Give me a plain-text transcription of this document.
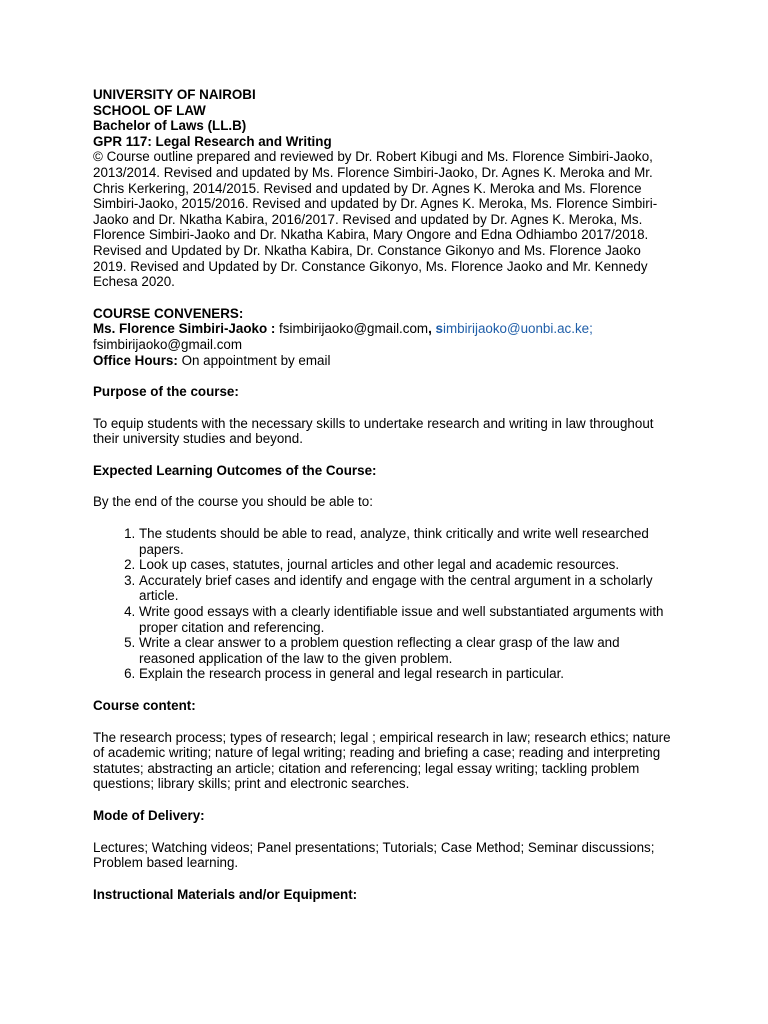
UNIVERSITY OF NAIROBI
SCHOOL OF LAW
Bachelor of Laws (LL.B)
GPR 117: Legal Research and Writing

© Course outline prepared and reviewed by Dr. Robert Kibugi and Ms. Florence Simbiri-Jaoko, 2013/2014. Revised and updated by Ms. Florence Simbiri-Jaoko, Dr. Agnes K. Meroka and Mr. Chris Kerkering, 2014/2015. Revised and updated by Dr. Agnes K. Meroka and Ms. Florence Simbiri-Jaoko, 2015/2016. Revised and updated by Dr. Agnes K. Meroka, Ms. Florence Simbiri- Jaoko and Dr. Nkatha Kabira, 2016/2017. Revised and updated by Dr. Agnes K. Meroka, Ms. Florence Simbiri-Jaoko and Dr. Nkatha Kabira, Mary Ongore and Edna Odhiambo 2017/2018. Revised and Updated by Dr. Nkatha Kabira, Dr. Constance Gikonyo and Ms. Florence Jaoko 2019. Revised and Updated by Dr. Constance Gikonyo, Ms. Florence Jaoko and Mr. Kennedy Echesa 2020.

COURSE CONVENERS:
Ms. Florence Simbiri-Jaoko : fsimbirijaoko@gmail.com, simbirijaoko@uonbi.ac.ke;
fsimbirijaoko@gmail.com
Office Hours: On appointment by email
Purpose of the course:

To equip students with the necessary skills to undertake research and writing in law throughout their university studies and beyond.

Expected Learning Outcomes of the Course:

By the end of the course you should be able to:

1. The students should be able to read, analyze, think critically and write well researched papers.
2. Look up cases, statutes, journal articles and other legal and academic resources.
3. Accurately brief cases and identify and engage with the central argument in a scholarly article.
4. Write good essays with a clearly identifiable issue and well substantiated arguments with proper citation and referencing.
5. Write a clear answer to a problem question reflecting a clear grasp of the law and reasoned application of the law to the given problem.
6. Explain the research process in general and legal research in particular.
Course content:

The research process; types of research; legal ; empirical research in law; research ethics; nature of academic writing; nature of legal writing; reading and briefing a case; reading and interpreting statutes; abstracting an article; citation and referencing; legal essay writing; tackling problem questions; library skills; print and electronic searches.

Mode of Delivery:

Lectures; Watching videos; Panel presentations; Tutorials; Case Method; Seminar discussions; Problem based learning.

Instructional Materials and/or Equipment:
